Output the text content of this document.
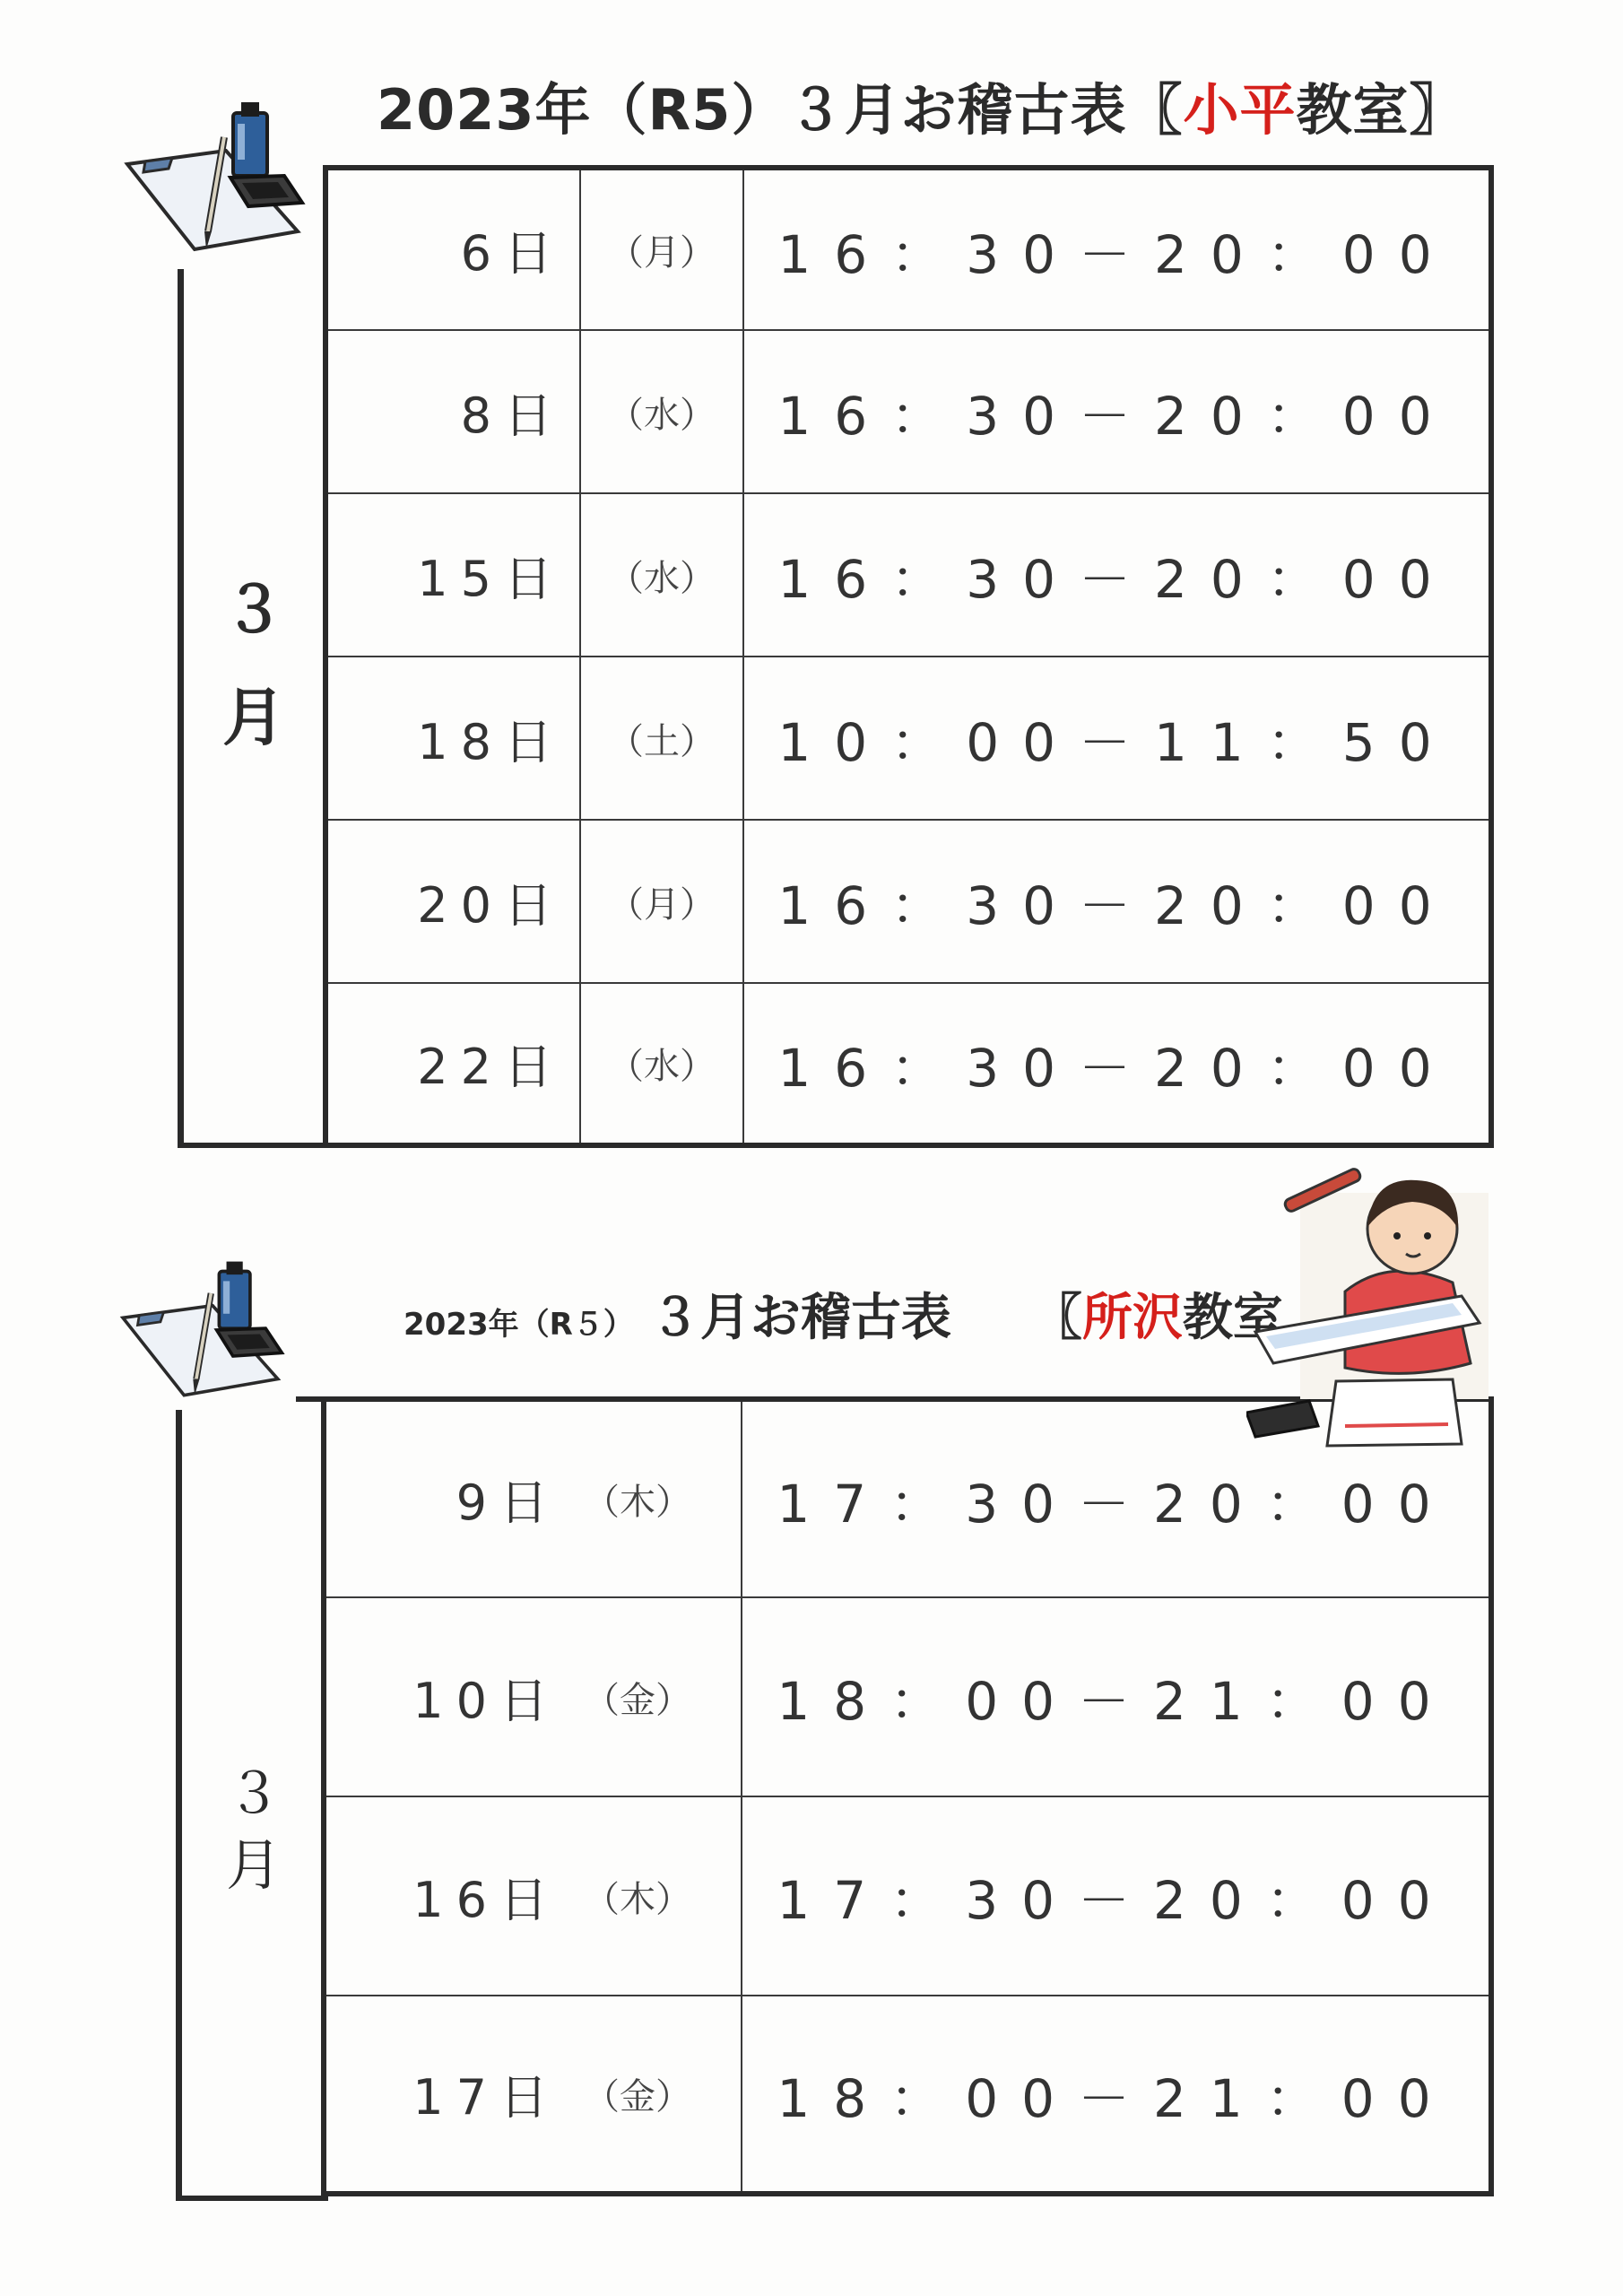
2023年（R5）３月お稽古表〖小平教室〗
３
月
6日	（月）	16：30－20：00
8日	（水）	16：30－20：00
15日	（水）	16：30－20：00
18日	（土）	10：00－11：50
20日	（月）	16：30－20：00
22日	（水）	16：30－20：00
2023年（R５） ３月お稽古表 〖所沢教室
３月
9日	（木）	17：30－20：00
10日	（金）	18：00－21：00
16日	（木）	17：30－20：00
17日	（金）	18：00－21：00
